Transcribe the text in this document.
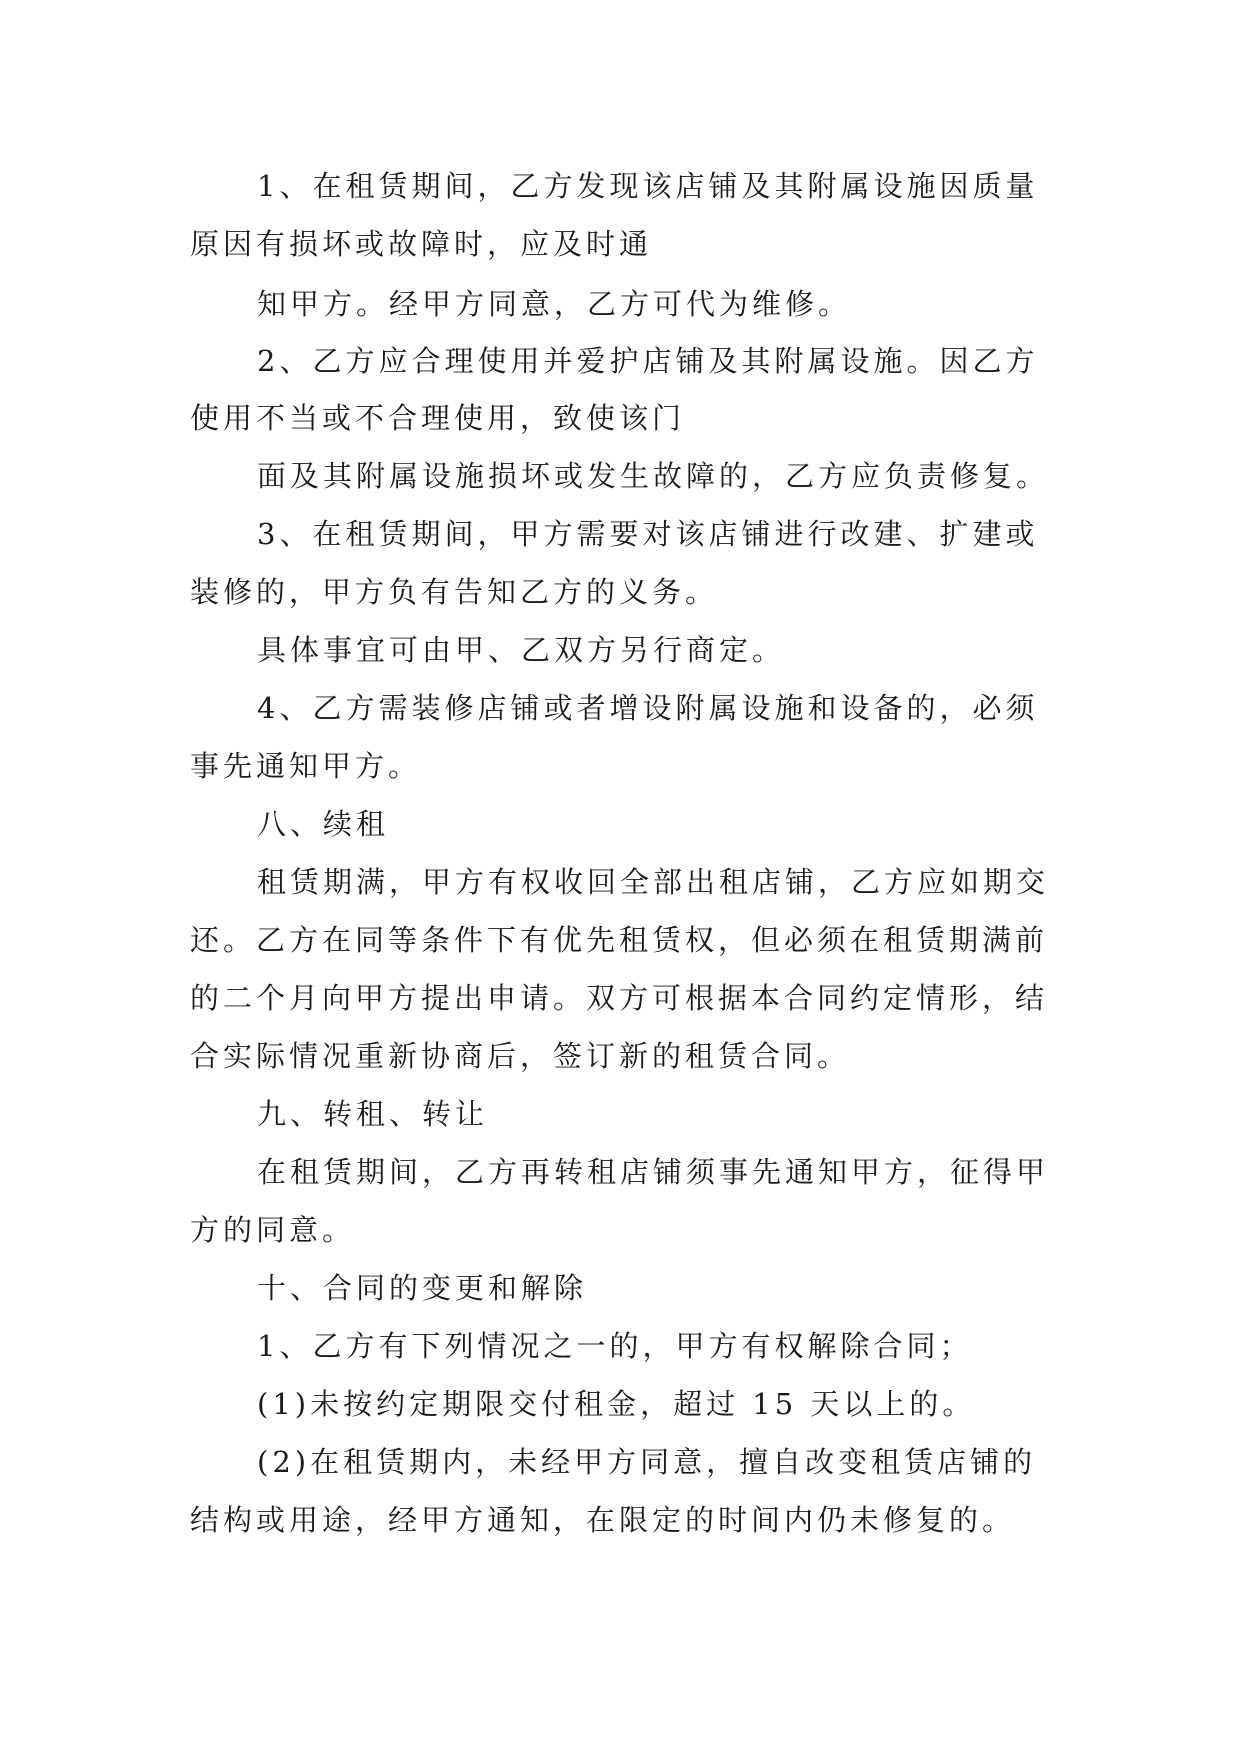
1、在租赁期间，乙方发现该店铺及其附属设施因质量
原因有损坏或故障时，应及时通
知甲方。经甲方同意，乙方可代为维修。
2、乙方应合理使用并爱护店铺及其附属设施。因乙方
使用不当或不合理使用，致使该门
面及其附属设施损坏或发生故障的，乙方应负责修复。
3、在租赁期间，甲方需要对该店铺进行改建、扩建或
装修的，甲方负有告知乙方的义务。
具体事宜可由甲、乙双方另行商定。
4、乙方需装修店铺或者增设附属设施和设备的，必须
事先通知甲方。
八、续租
租赁期满，甲方有权收回全部出租店铺，乙方应如期交
还。乙方在同等条件下有优先租赁权，但必须在租赁期满前
的二个月向甲方提出申请。双方可根据本合同约定情形，结
合实际情况重新协商后，签订新的租赁合同。
九、转租、转让
在租赁期间，乙方再转租店铺须事先通知甲方，征得甲
方的同意。
十、合同的变更和解除
1、乙方有下列情况之一的，甲方有权解除合同；
(1)未按约定期限交付租金，超过 15 天以上的。
(2)在租赁期内，未经甲方同意，擅自改变租赁店铺的
结构或用途，经甲方通知，在限定的时间内仍未修复的。
